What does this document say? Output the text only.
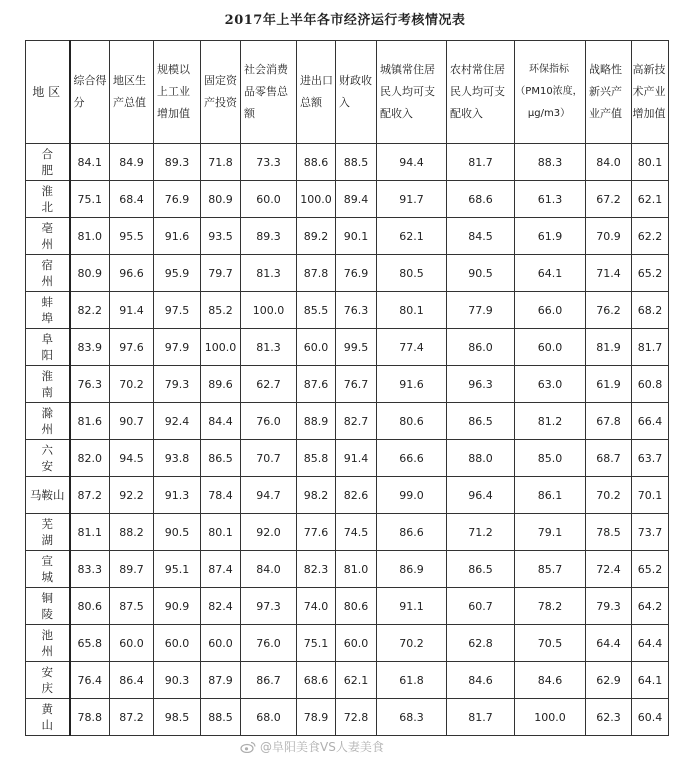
2017年上半年各市经济运行考核情况表
地 区	综合得分	地区生产总值	规模以上工业增加值	固定资产投资	社会消费品零售总额	进出口总额	财政收入	城镇常住居民人均可支配收入	农村常住居民人均可支配收入	环保指标（PM10浓度，μg/m3）	战略性新兴产业产值	高新技术产业增加值
合 肥	84.1	84.9	89.3	71.8	73.3	88.6	88.5	94.4	81.7	88.3	84.0	80.1
淮 北	75.1	68.4	76.9	80.9	60.0	100.0	89.4	91.7	68.6	61.3	67.2	62.1
亳 州	81.0	95.5	91.6	93.5	89.3	89.2	90.1	62.1	84.5	61.9	70.9	62.2
宿 州	80.9	96.6	95.9	79.7	81.3	87.8	76.9	80.5	90.5	64.1	71.4	65.2
蚌 埠	82.2	91.4	97.5	85.2	100.0	85.5	76.3	80.1	77.9	66.0	76.2	68.2
阜 阳	83.9	97.6	97.9	100.0	81.3	60.0	99.5	77.4	86.0	60.0	81.9	81.7
淮 南	76.3	70.2	79.3	89.6	62.7	87.6	76.7	91.6	96.3	63.0	61.9	60.8
滁 州	81.6	90.7	92.4	84.4	76.0	88.9	82.7	80.6	86.5	81.2	67.8	66.4
六 安	82.0	94.5	93.8	86.5	70.7	85.8	91.4	66.6	88.0	85.0	68.7	63.7
马鞍山	87.2	92.2	91.3	78.4	94.7	98.2	82.6	99.0	96.4	86.1	70.2	70.1
芜 湖	81.1	88.2	90.5	80.1	92.0	77.6	74.5	86.6	71.2	79.1	78.5	73.7
宣 城	83.3	89.7	95.1	87.4	84.0	82.3	81.0	86.9	86.5	85.7	72.4	65.2
铜 陵	80.6	87.5	90.9	82.4	97.3	74.0	80.6	91.1	60.7	78.2	79.3	64.2
池 州	65.8	60.0	60.0	60.0	76.0	75.1	60.0	70.2	62.8	70.5	64.4	64.4
安 庆	76.4	86.4	90.3	87.9	86.7	68.6	62.1	61.8	84.6	84.6	62.9	64.1
黄 山	78.8	87.2	98.5	88.5	68.0	78.9	72.8	68.3	81.7	100.0	62.3	60.4
@阜阳美食VS人妻美食
